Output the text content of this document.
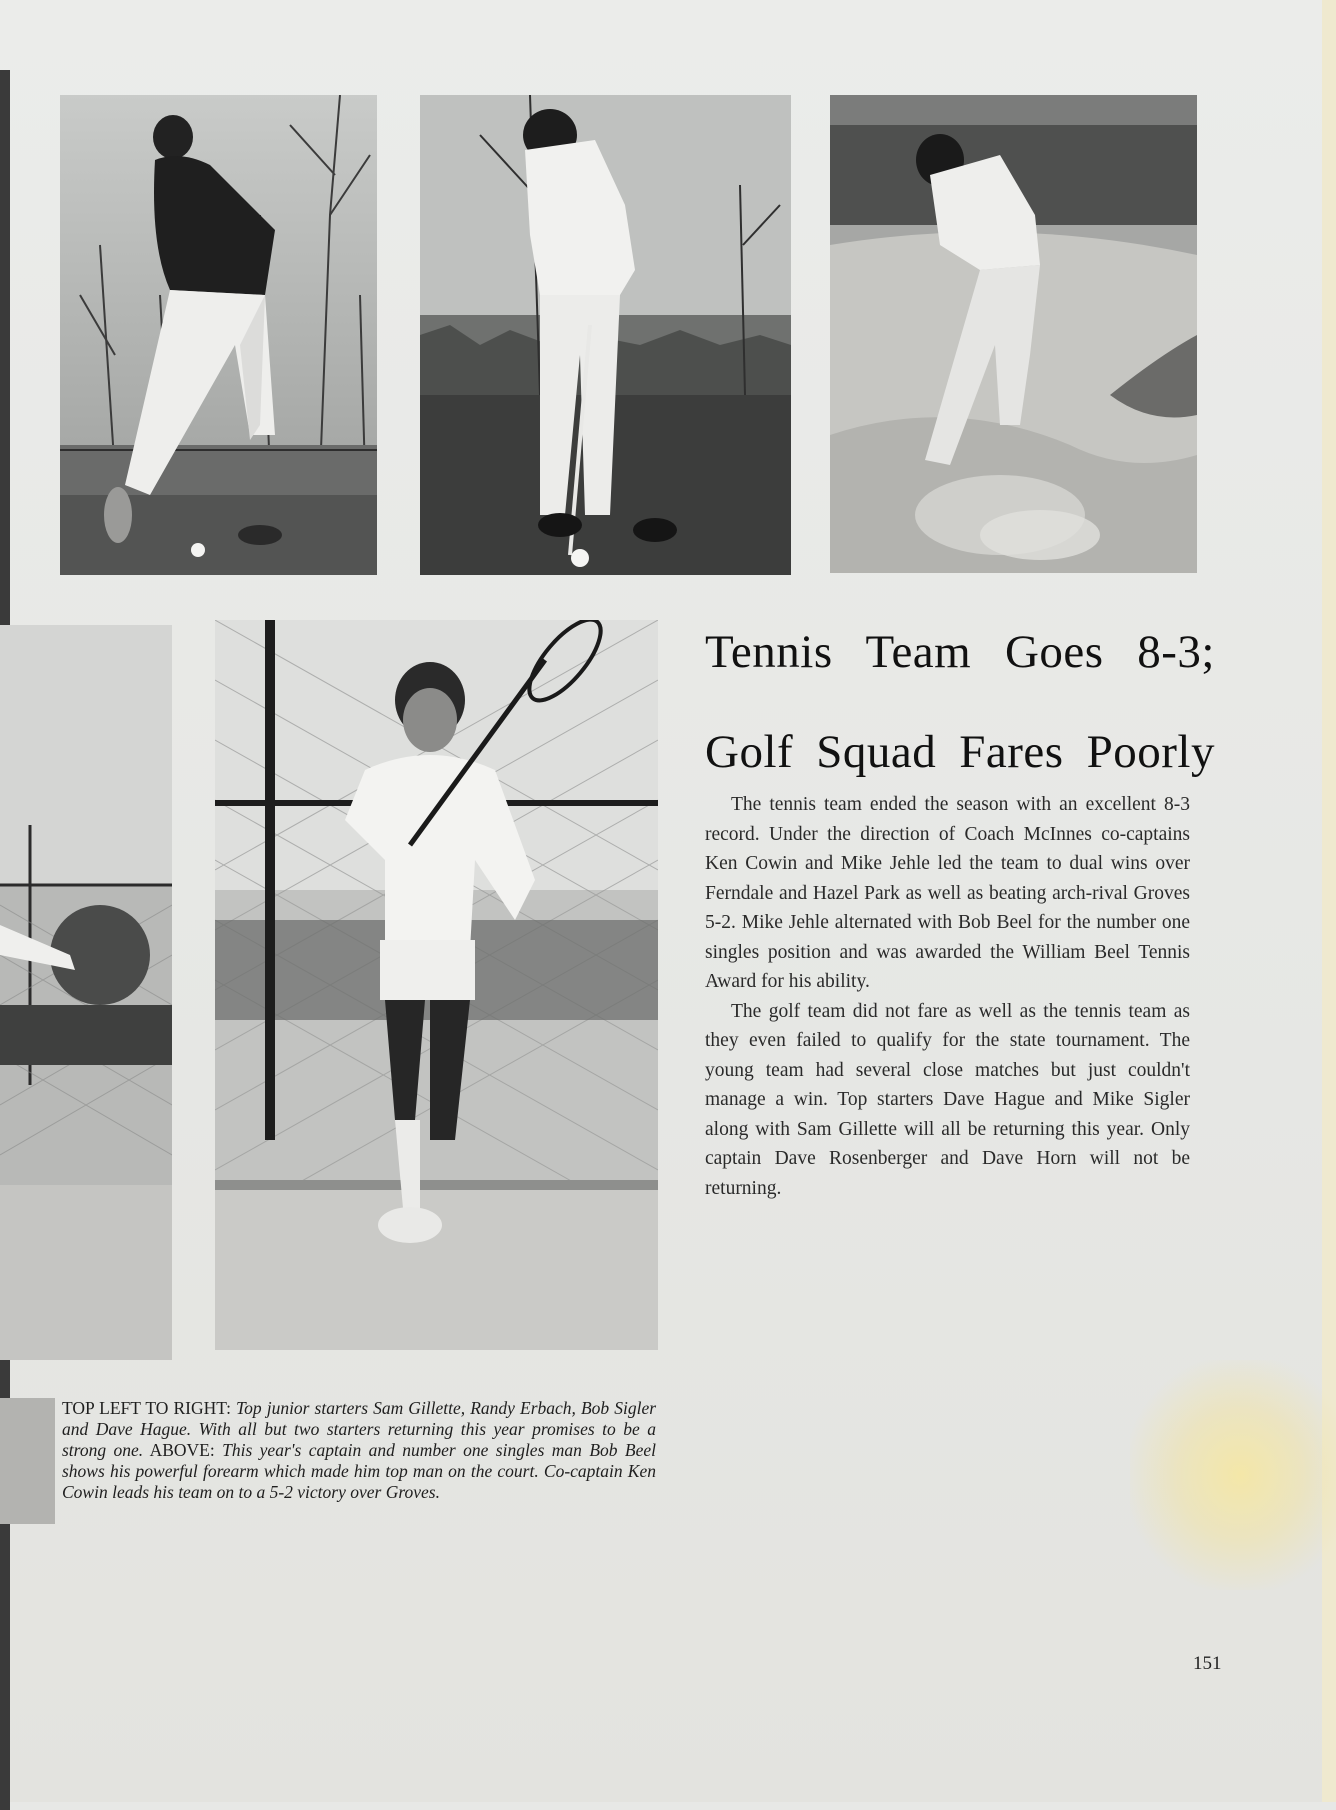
Tennis Team Goes 8-3;
Golf Squad Fares Poorly

The tennis team ended the season with an excellent 8-3 record. Under the direction of Coach McInnes co-captains Ken Cowin and Mike Jehle led the team to dual wins over Ferndale and Hazel Park as well as beating arch-rival Groves 5-2. Mike Jehle alternated with Bob Beel for the number one singles position and was awarded the William Beel Tennis Award for his ability.

The golf team did not fare as well as the tennis team as they even failed to qualify for the state tournament. The young team had several close matches but just couldn't manage a win. Top starters Dave Hague and Mike Sigler along with Sam Gillette will all be returning this year. Only captain Dave Rosenberger and Dave Horn will not be returning.

TOP LEFT TO RIGHT: Top junior starters Sam Gillette, Randy Erbach, Bob Sigler and Dave Hague. With all but two starters returning this year promises to be a strong one. ABOVE: This year's captain and number one singles man Bob Beel shows his powerful forearm which made him top man on the court. Co-captain Ken Cowin leads his team on to a 5-2 victory over Groves.
151
